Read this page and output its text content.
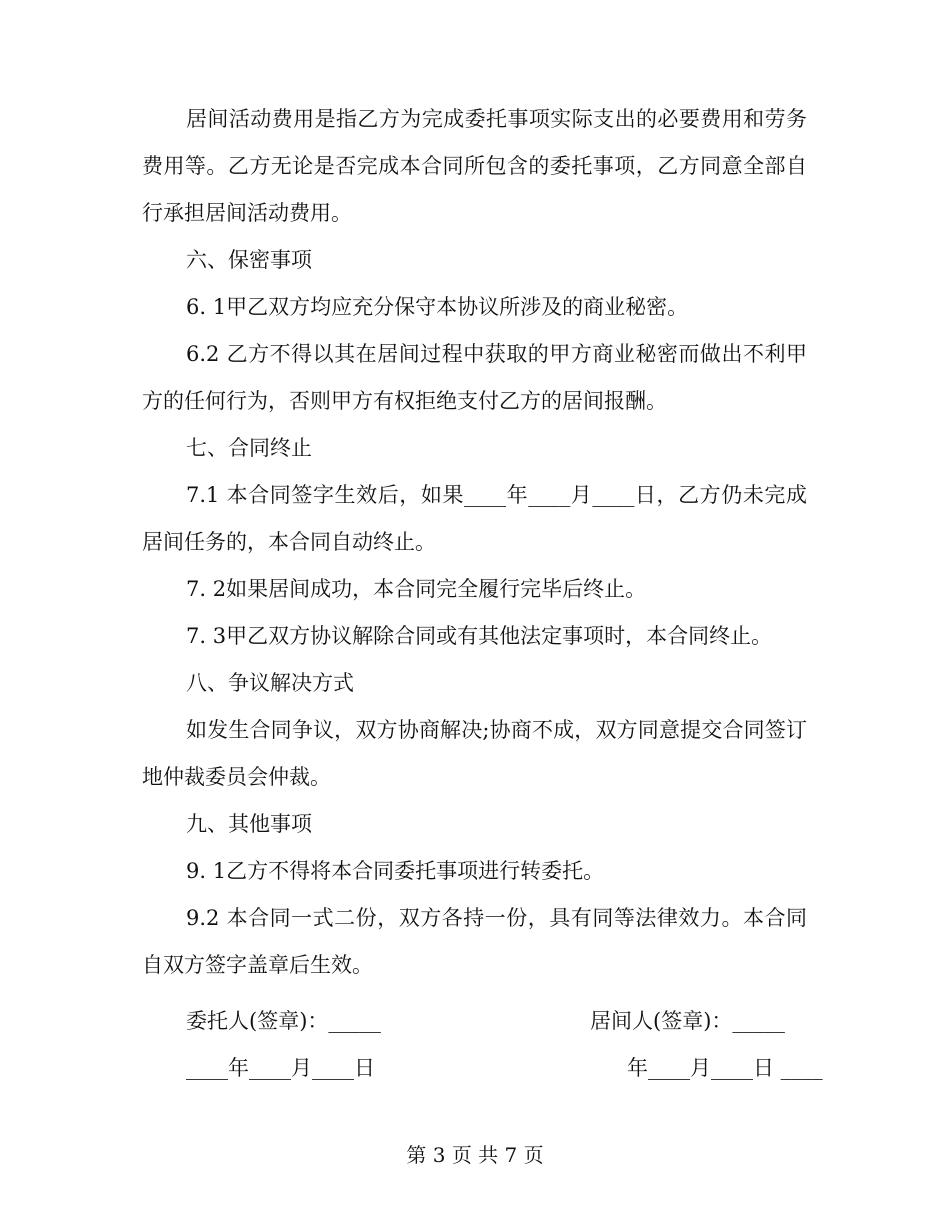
居间活动费用是指乙方为完成委托事项实际支出的必要费用和劳务费用等。乙方无论是否完成本合同所包含的委托事项，乙方同意全部自行承担居间活动费用。

六、保密事项

6. 1甲乙双方均应充分保守本协议所涉及的商业秘密。

6.2 乙方不得以其在居间过程中获取的甲方商业秘密而做出不利甲方的任何行为，否则甲方有权拒绝支付乙方的居间报酬。

七、合同终止

7.1 本合同签字生效后，如果____年____月____日，乙方仍未完成居间任务的，本合同自动终止。

7. 2如果居间成功，本合同完全履行完毕后终止。

7. 3甲乙双方协议解除合同或有其他法定事项时，本合同终止。

八、争议解决方式

如发生合同争议，双方协商解决;协商不成，双方同意提交合同签订地仲裁委员会仲裁。

九、其他事项

9. 1乙方不得将本合同委托事项进行转委托。

9.2 本合同一式二份，双方各持一份，具有同等法律效力。本合同自双方签字盖章后生效。

委托人(签章)：_____	居间人(签章)：_____
____年____月____日	年____月____日 ____
第 3 页 共 7 页
